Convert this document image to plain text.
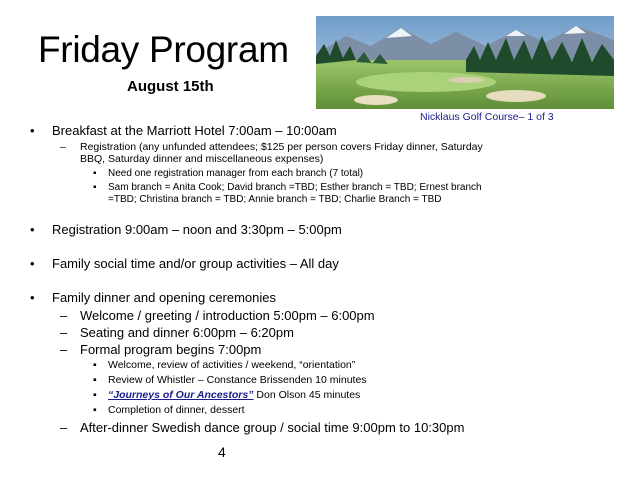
Friday Program
August 15th
Nicklaus Golf Course– 1 of 3
• Breakfast at the Marriott Hotel 7:00am – 10:00am
– Registration (any unfunded attendees; $125 per person covers Friday dinner, Saturday
BBQ, Saturday dinner and miscellaneous expenses)
▪ Need one registration manager from each branch (7 total)
▪ Sam branch = Anita Cook; David branch =TBD; Esther branch = TBD; Ernest branch
=TBD; Christina branch = TBD; Annie branch = TBD; Charlie Branch = TBD
• Registration 9:00am – noon and 3:30pm – 5:00pm
• Family social time and/or group activities – All day
• Family dinner and opening ceremonies
– Welcome / greeting / introduction 5:00pm – 6:00pm
– Seating and dinner 6:00pm – 6:20pm
– Formal program begins 7:00pm
▪ Welcome, review of activities / weekend, “orientation”
▪ Review of Whistler – Constance Brissenden 10 minutes
▪ “Journeys of Our Ancestors” Don Olson 45 minutes
▪ Completion of dinner, dessert
– After-dinner Swedish dance group / social time 9:00pm to 10:30pm
4
